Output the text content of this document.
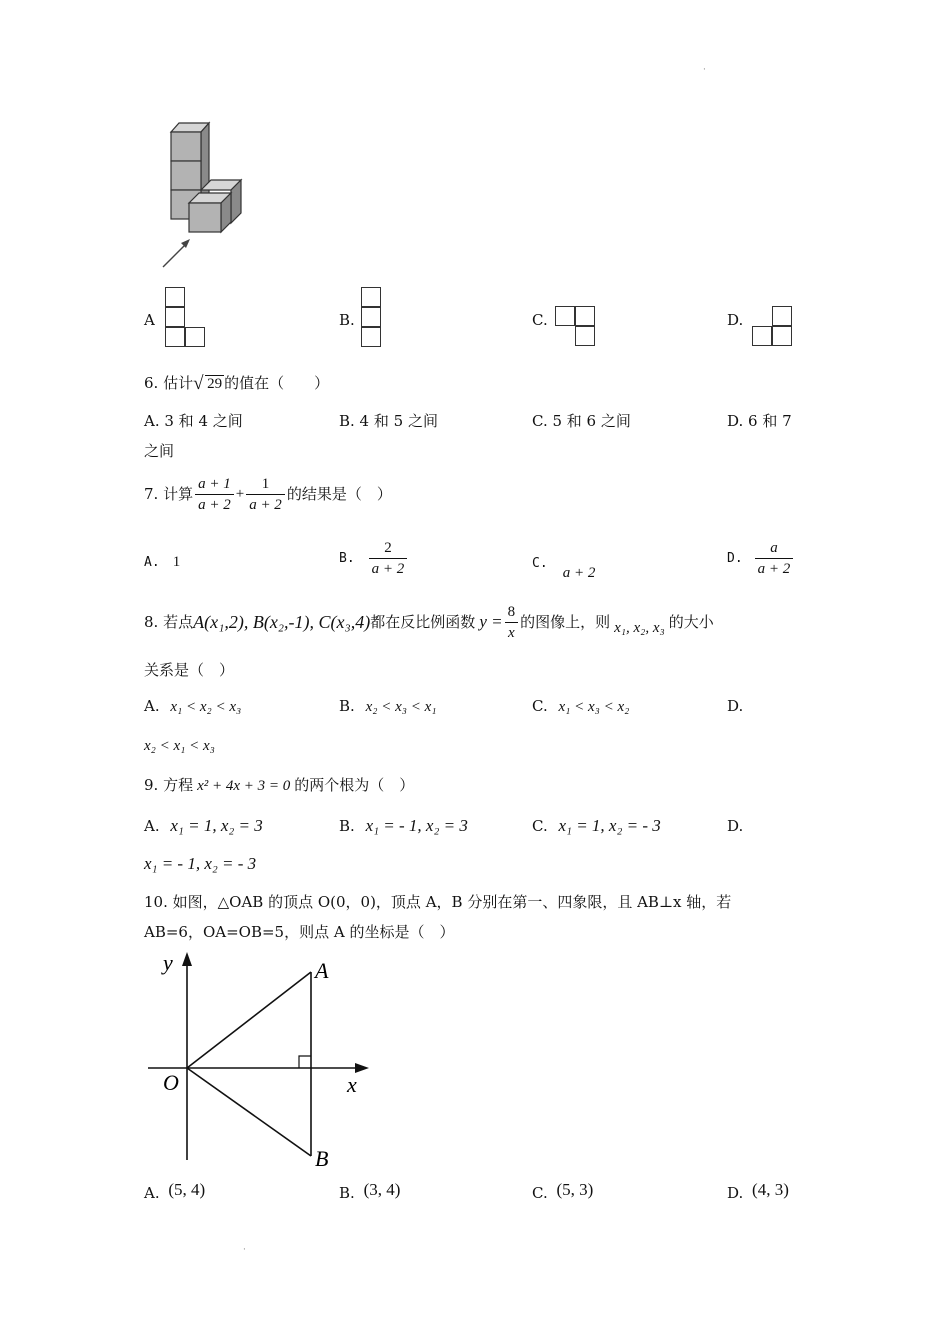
·
·
A	B.	C.	D.
6. 估计 √ 29 的值在（　　）
A. 3 和 4 之间	B. 4 和 5 之间	C. 5 和 6 之间	D. 6 和 7
之间
7. 计算 $\frac{a + 1}{a + 2} + \frac{1}{a + 2}$ 的结果是（　）
A. 1	B. $\frac{2}{a + 2}$	C. a + 2
D. $\frac{a}{a + 2}$
8. 若点 A(x₁,2), B(x₂,-1), C(x₃,4) 都在反比例函数 $y = \frac{8}{x}$ 的图像上，则 x₁, x₂, x₃ 的大小
关系是（　）
A. x₁ < x₂ < x₃	B. x₂ < x₃ < x₁	C. x₁ < x₃ < x₂	D.
x₂ < x₁ < x₃
9. 方程 x² + 4x + 3 = 0 的两个根为（　）
A. x₁ = 1, x₂ = 3	B. x₁ = - 1, x₂ = 3	C. x₁ = 1, x₂ = - 3	D.
x₁ = - 1, x₂ = - 3
10. 如图，△OAB 的顶点 O(0，0)，顶点 A，B 分别在第一、四象限，且 AB⊥x 轴，若
AB=6，OA=OB=5，则点 A 的坐标是（　）
y
x
O
A
B
A. (5, 4)	B. (3, 4)	C. (5, 3)	D. (4, 3)
